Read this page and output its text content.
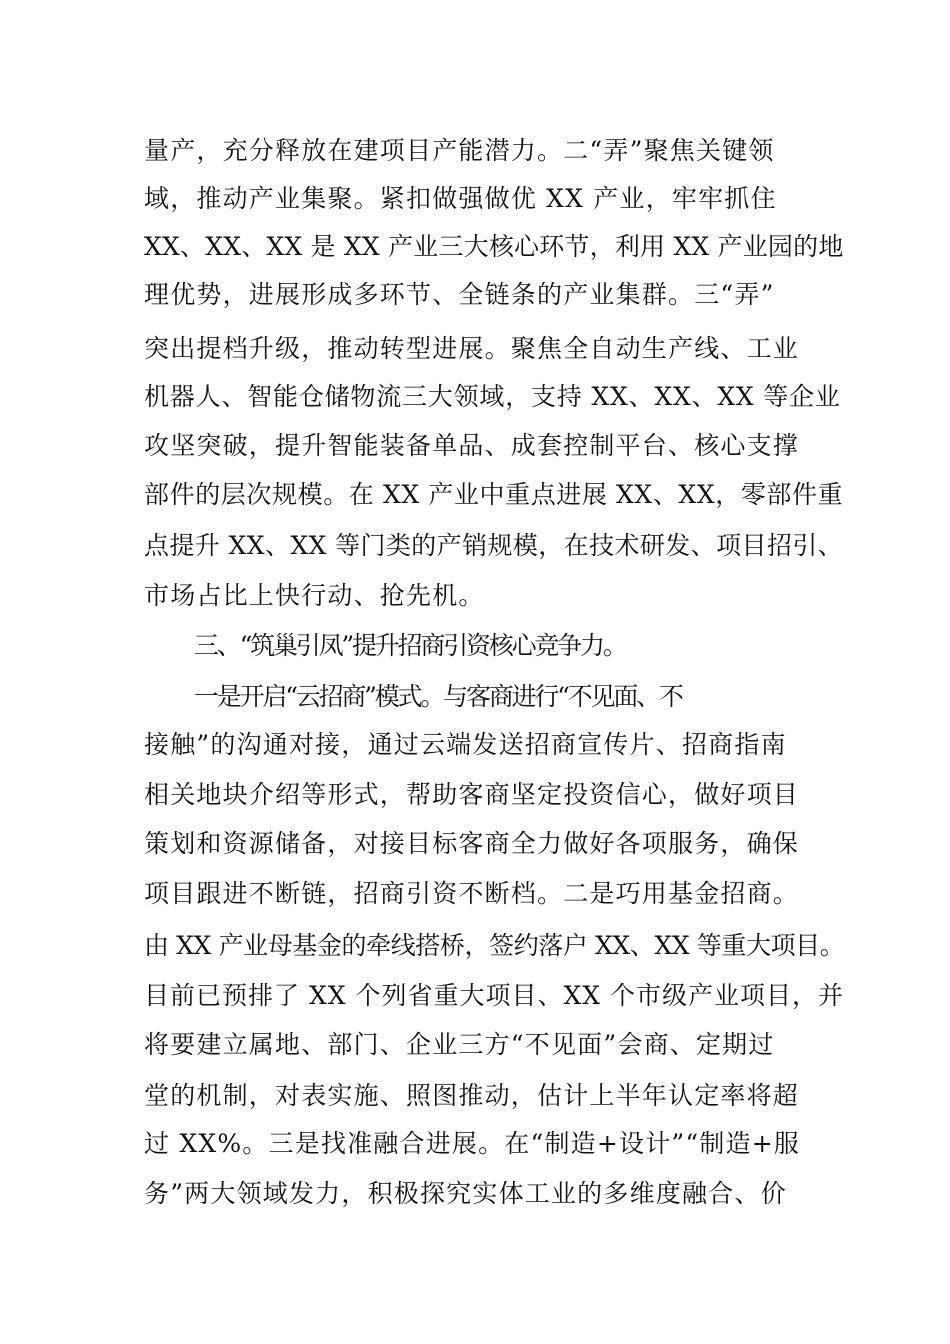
量产，充分释放在建项目产能潜力。二“弄”聚焦关键领
域，推动产业集聚。紧扣做强做优 XX 产业，牢牢抓住
XX、XX、XX 是 XX 产业三大核心环节，利用 XX 产业园的地
理优势，进展形成多环节、全链条的产业集群。三“弄”
突出提档升级，推动转型进展。聚焦全自动生产线、工业
机器人、智能仓储物流三大领域，支持 XX、XX、XX 等企业
攻坚突破，提升智能装备单品、成套控制平台、核心支撑
部件的层次规模。在 XX 产业中重点进展 XX、XX，零部件重
点提升 XX、XX 等门类的产销规模，在技术研发、项目招引、
市场占比上快行动、抢先机。
三、“筑巢引凤”提升招商引资核心竞争力。
一是开启“云招商”模式。与客商进行“不见面、不
接触”的沟通对接，通过云端发送招商宣传片、招商指南
相关地块介绍等形式，帮助客商坚定投资信心，做好项目
策划和资源储备，对接目标客商全力做好各项服务，确保
项目跟进不断链，招商引资不断档。二是巧用基金招商。
由 XX 产业母基金的牵线搭桥，签约落户 XX、XX 等重大项目。
目前已预排了 XX 个列省重大项目、XX 个市级产业项目，并
将要建立属地、部门、企业三方“不见面”会商、定期过
堂的机制，对表实施、照图推动，估计上半年认定率将超
过 XX%。三是找准融合进展。在“制造+设计”“制造+服
务”两大领域发力，积极探究实体工业的多维度融合、价
